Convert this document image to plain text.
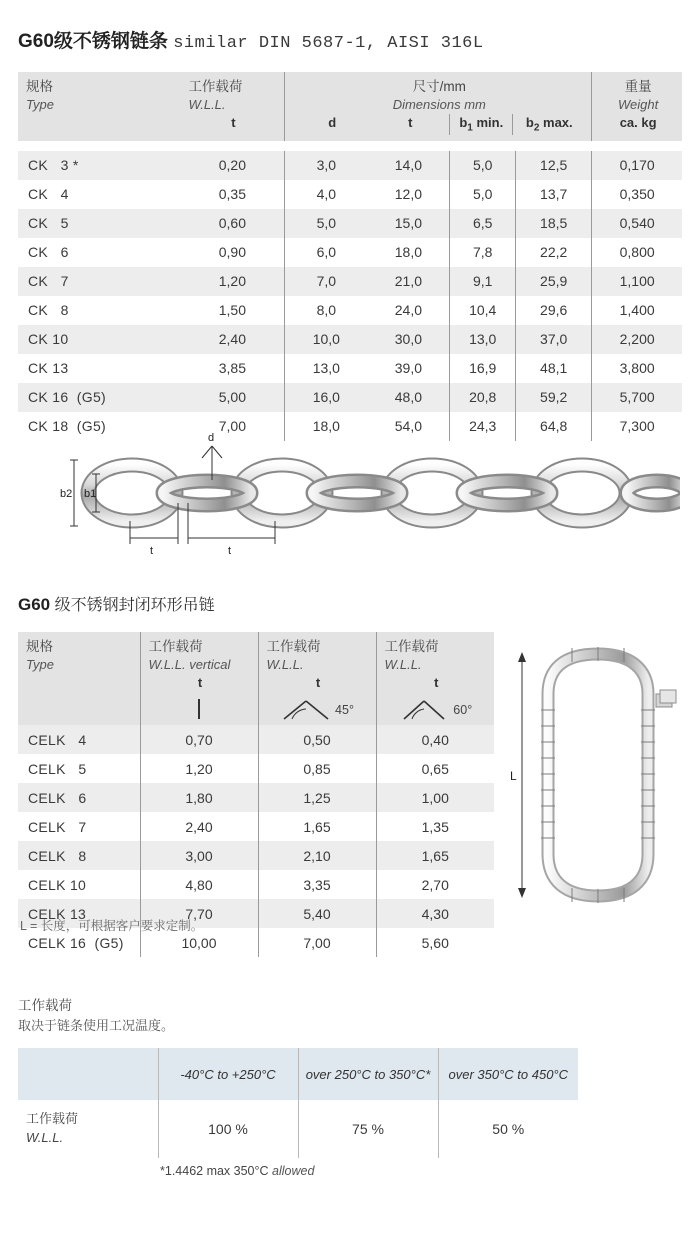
G60级不锈钢链条 similar DIN 5687-1, AISI 316L
规格
Type

工作载荷
W.L.L.
t

尺寸/mm
Dimensions mm
d	t	$b_1$ min.	$b_2$ max.

重量
Weight
ca. kg

CK   3 *	0,20	3,0	14,0	5,0	12,5	0,170
CK   4	0,35	4,0	12,0	5,0	13,7	0,350
CK   5	0,60	5,0	15,0	6,5	18,5	0,540
CK   6	0,90	6,0	18,0	7,8	22,2	0,800
CK   7	1,20	7,0	21,0	9,1	25,9	1,100
CK   8	1,50	8,0	24,0	10,4	29,6	1,400
CK 10	2,40	10,0	30,0	13,0	37,0	2,200
CK 13	3,85	13,0	39,0	16,9	48,1	3,800
CK 16  (G5)	5,00	16,0	48,0	20,8	59,2	5,700
CK 18  (G5)	7,00	18,0	54,0	24,3	64,8	7,300
b2 b1
d
t	t
G60 级不锈钢封闭环形吊链
规格
Type

工作载荷
W.L.L. vertical
t

工作载荷
W.L.L.
t

工作载荷
W.L.L.
t

45°	60°

CELK   4	0,70	0,50	0,40
CELK   5	1,20	0,85	0,65
CELK   6	1,80	1,25	1,00
CELK   7	2,40	1,65	1,35
CELK   8	3,00	2,10	1,65
CELK 10	4,80	3,35	2,70
CELK 13	7,70	5,40	4,30
CELK 16  (G5)	10,00	7,00	5,60
L = 长度，可根据客户要求定制。
L
工作载荷
取决于链条使用工况温度。
	-40°C to +250°C	over 250°C to 350°C*	over 350°C to 450°C

工作载荷
W.L.L.	100 %	75 %	50 %
*1.4462 max 350°C allowed
